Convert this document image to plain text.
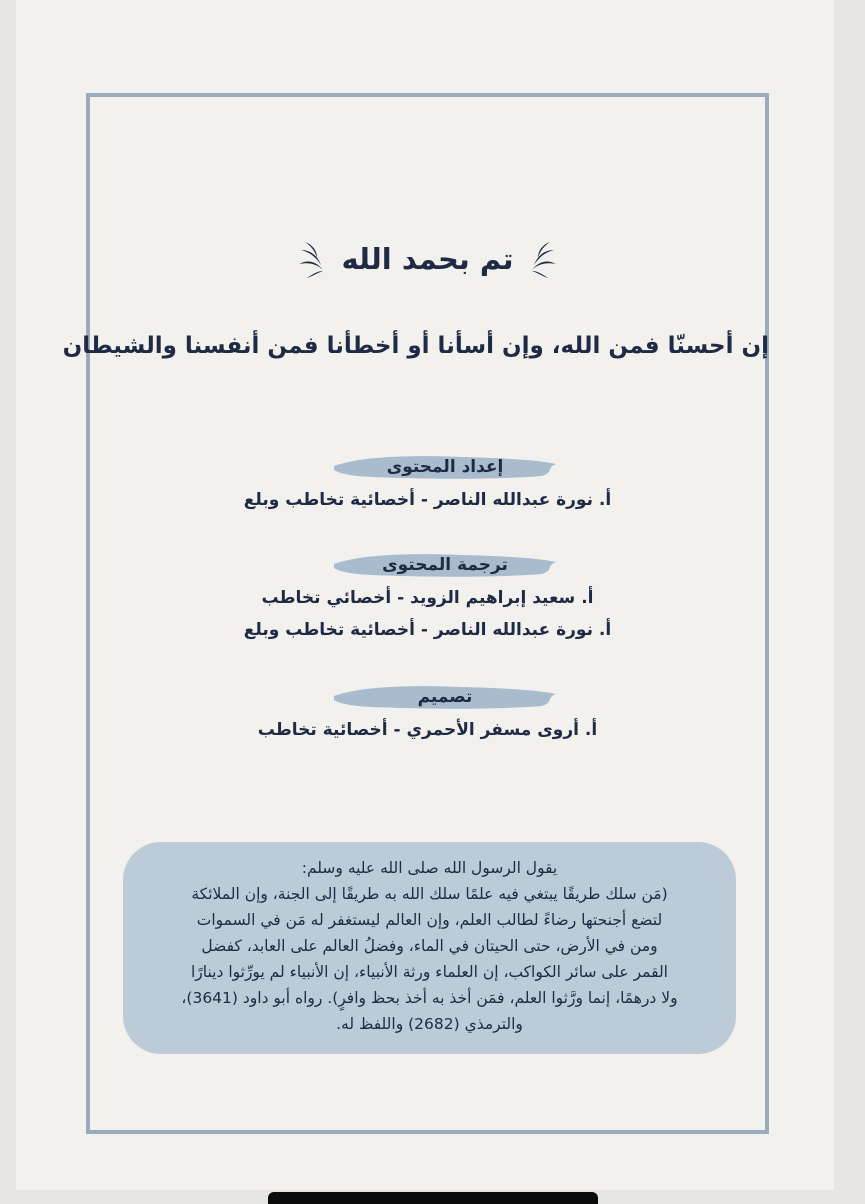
تم بحمد الله
إن أحسنّا فمن الله، وإن أسأنا أو أخطأنا فمن أنفسنا والشيطان
إعداد المحتوى
أ. نورة عبدالله الناصر - أخصائية تخاطب وبلع
ترجمة المحتوى
أ. سعيد إبراهيم الزويد - أخصائي تخاطب
أ. نورة عبدالله الناصر - أخصائية تخاطب وبلع
تصميم
أ. أروى مسفر الأحمري - أخصائية تخاطب
يقول الرسول الله صلى الله عليه وسلم:
(مَن سلك طريقًا يبتغي فيه علمًا سلك الله به طريقًا إلى الجنة، وإن الملائكة
لتضع أجنحتها رضاءً لطالب العلم، وإن العالم ليستغفر له مَن في السموات
ومن في الأرض، حتى الحيتان في الماء، وفضلُ العالم على العابد، كفضل
القمر على سائر الكواكب، إن العلماء ورثة الأنبياء، إن الأنبياء لم يورِّثوا دينارًا
ولا درهمًا، إنما ورَّثوا العلم، فمَن أخذ به أخذ بحظ وافرٍ). رواه أبو داود (3641)،
والترمذي (2682) واللفظ له.
